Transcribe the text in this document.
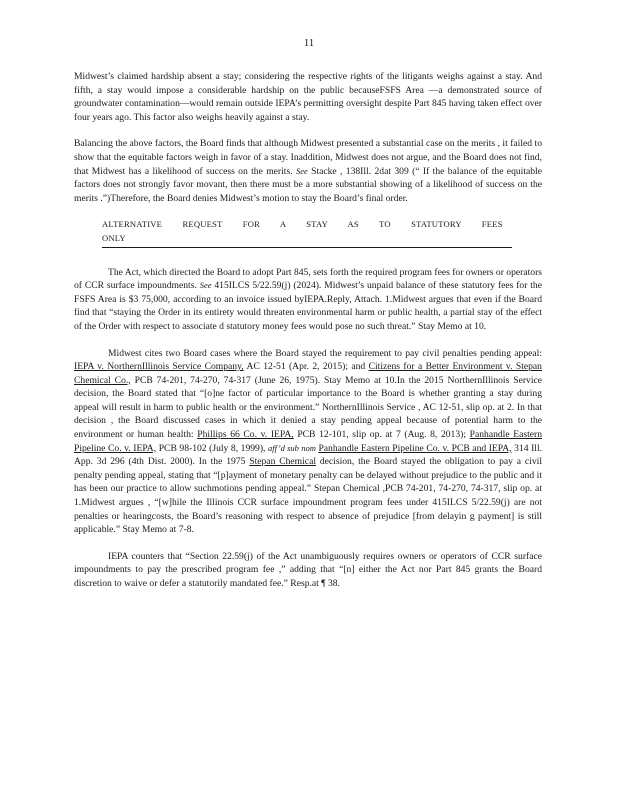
11

Midwest’s claimed hardship absent a stay; considering the respective rights of the litigants weighs against a stay. And fifth, a stay would impose a considerable hardship on the public becauseFSFS Area —a demonstrated source of groundwater contamination—would remain outside IEPA’s permitting oversight despite Part 845 having taken effect over four years ago. This factor also weighs heavily against a stay.

Balancing the above factors, the Board finds that although Midwest presented a substantial case on the merits , it failed to show that the equitable factors weigh in favor of a stay. Inaddition, Midwest does not argue, and the Board does not find, that Midwest has a likelihood of success on the merits. See Stacke , 138Ill. 2dat 309 (“ If the balance of the equitable factors does not strongly favor movant, then there must be a more substantial showing of a likelihood of success on the merits .”)Therefore, the Board denies Midwest’s motion to stay the Board’s final order.

ALTERNATIVE REQUEST FOR A STAY AS TO STATUTORY FEES ONLY

The Act, which directed the Board to adopt Part 845, sets forth the required program fees for owners or operators of CCR surface impoundments. See 415ILCS 5/22.59(j) (2024). Midwest’s unpaid balance of these statutory fees for the FSFS Area is $3 75,000, according to an invoice issued byIEPA.Reply, Attach. 1.Midwest argues that even if the Board find that “staying the Order in its entirety would threaten environmental harm or public health, a partial stay of the effect of the Order with respect to associate d statutory money fees would pose no such threat.” Stay Memo at 10.

Midwest cites two Board cases where the Board stayed the requirement to pay civil penalties pending appeal: IEPA v. NorthernIllinois Service Company, AC 12-51 (Apr. 2, 2015); and Citizens for a Better Environment v. Stepan Chemical Co., PCB 74-201, 74-270, 74-317 (June 26, 1975). Stay Memo at 10.In the 2015 NorthernIllinois Service decision, the Board stated that “[o]ne factor of particular importance to the Board is whether granting a stay during appeal will result in harm to public health or the environment.” NorthernIllinois Service , AC 12-51, slip op. at 2. In that decision , the Board discussed cases in which it denied a stay pending appeal because of potential harm to the environment or human health: Phillips 66 Co. v. IEPA, PCB 12-101, slip op. at 7 (Aug. 8, 2013); Panhandle Eastern Pipeline Co. v. IEPA, PCB 98-102 (July 8, 1999), aff’d sub nom Panhandle Eastern Pipeline Co. v. PCB and IEPA, 314 Ill. App. 3d 296 (4th Dist. 2000). In the 1975 Stepan Chemical decision, the Board stayed the obligation to pay a civil penalty pending appeal, stating that “[p]ayment of monetary penalty can be delayed without prejudice to the public and it has been our practice to allow suchmotions pending appeal.” Stepan Chemical ,PCB 74-201, 74-270, 74-317, slip op. at 1.Midwest argues , “[w]hile the Illinois CCR surface impoundment program fees under 415ILCS 5/22.59(j) are not penalties or hearingcosts, the Board’s reasoning with respect to absence of prejudice [from delayin g payment] is still applicable.” Stay Memo at 7-8.

IEPA counters that “Section 22.59(j) of the Act unambiguously requires owners or operators of CCR surface impoundments to pay the prescribed program fee ,” adding that “[n] either the Act nor Part 845 grants the Board discretion to waive or defer a statutorily mandated fee.” Resp.at ¶ 38.
